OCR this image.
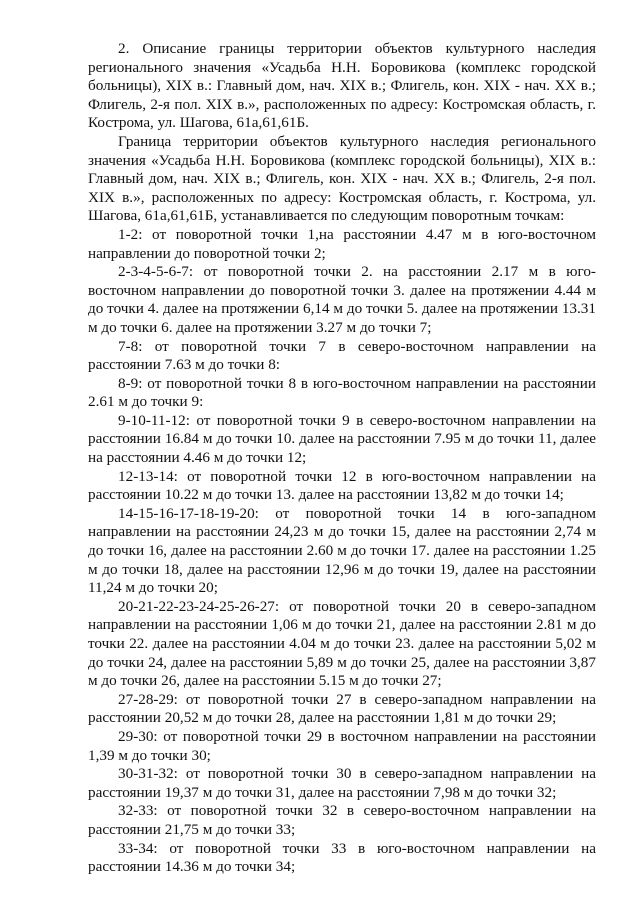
2. Описание границы территории объектов культурного наследия регионального значения «Усадьба Н.Н. Боровикова (комплекс городской больницы), XIX в.: Главный дом, нач. XIX в.; Флигель, кон. XIX - нач. XX в.; Флигель, 2-я пол. XIX в.», расположенных по адресу: Костромская область, г. Кострома, ул. Шагова, 61а,61,61Б.

Граница территории объектов культурного наследия регионального значения «Усадьба Н.Н. Боровикова (комплекс городской больницы), XIX в.: Главный дом, нач. XIX в.; Флигель, кон. XIX - нач. XX в.; Флигель, 2-я пол. XIX в.», расположенных по адресу: Костромская область, г. Кострома, ул. Шагова, 61а,61,61Б, устанавливается по следующим поворотным точкам:

1-2: от поворотной точки 1,на расстоянии 4.47 м в юго-восточном направлении до поворотной точки 2;

2-3-4-5-6-7: от поворотной точки 2. на расстоянии 2.17 м в юго-восточном направлении до поворотной точки 3. далее на протяжении 4.44 м до точки 4. далее на протяжении 6,14 м до точки 5. далее на протяжении 13.31 м до точки 6. далее на протяжении 3.27 м до точки 7;

7-8: от поворотной точки 7 в северо-восточном направлении на расстоянии 7.63 м до точки 8:

8-9: от поворотной точки 8 в юго-восточном направлении на расстоянии 2.61 м до точки 9:

9-10-11-12: от поворотной точки 9 в северо-восточном направлении на расстоянии 16.84 м до точки 10. далее на расстоянии 7.95 м до точки 11, далее на расстоянии 4.46 м до точки 12;

12-13-14: от поворотной точки 12 в юго-восточном направлении на расстоянии 10.22 м до точки 13. далее на расстоянии 13,82 м до точки 14;

14-15-16-17-18-19-20: от поворотной точки 14 в юго-западном направлении на расстоянии 24,23 м до точки 15, далее на расстоянии 2,74 м до точки 16, далее на расстоянии 2.60 м до точки 17. далее на расстоянии 1.25 м до точки 18, далее на расстоянии 12,96 м до точки 19, далее на расстоянии 11,24 м до точки 20;

20-21-22-23-24-25-26-27: от поворотной точки 20 в северо-западном направлении на расстоянии 1,06 м до точки 21, далее на расстоянии 2.81 м до точки 22. далее на расстоянии 4.04 м до точки 23. далее на расстоянии 5,02 м до точки 24, далее на расстоянии 5,89 м до точки 25, далее на расстоянии 3,87 м до точки 26, далее на расстоянии 5.15 м до точки 27;

27-28-29: от поворотной точки 27 в северо-западном направлении на расстоянии 20,52 м до точки 28, далее на расстоянии 1,81 м до точки 29;

29-30: от поворотной точки 29 в восточном направлении на расстоянии 1,39 м до точки 30;

30-31-32: от поворотной точки 30 в северо-западном направлении на расстоянии 19,37 м до точки 31, далее на расстоянии 7,98 м до точки 32;

32-33: от поворотной точки 32 в северо-восточном направлении на расстоянии 21,75 м до точки 33;

33-34: от поворотной точки 33 в юго-восточном направлении на расстоянии 14.36 м до точки 34;
